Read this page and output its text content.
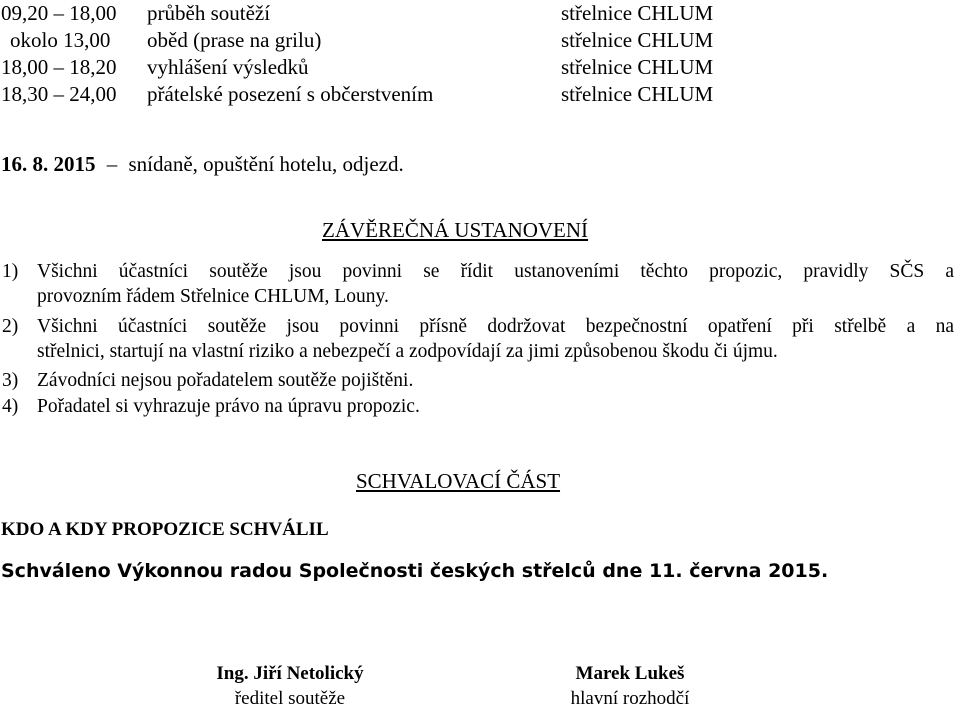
09,20 – 18,00 průběh soutěží	střelnice CHLUM
okolo 13,00 oběd (prase na grilu)	střelnice CHLUM
18,00 – 18,20 vyhlášení výsledků	střelnice CHLUM
18,30 – 24,00 přátelské posezení s občerstvením	střelnice CHLUM
16. 8. 2015 – snídaně, opuštění hotelu, odjezd.
ZÁVĚREČNÁ USTANOVENÍ
1) Všichni účastníci soutěže jsou povinni se řídit ustanoveními těchto propozic, pravidly SČS a
provozním řádem Střelnice CHLUM, Louny.
2) Všichni účastníci soutěže jsou povinni přísně dodržovat bezpečnostní opatření při střelbě a na
střelnici, startují na vlastní riziko a nebezpečí a zodpovídají za jimi způsobenou škodu či újmu.
3) Závodníci nejsou pořadatelem soutěže pojištěni.
4) Pořadatel si vyhrazuje právo na úpravu propozic.
SCHVALOVACÍ ČÁST
KDO A KDY PROPOZICE SCHVÁLIL
Schváleno Výkonnou radou Společnosti českých střelců dne 11. června 2015.
Ing. Jiří Netolický
ředitel soutěže
Marek Lukeš
hlavní rozhodčí
